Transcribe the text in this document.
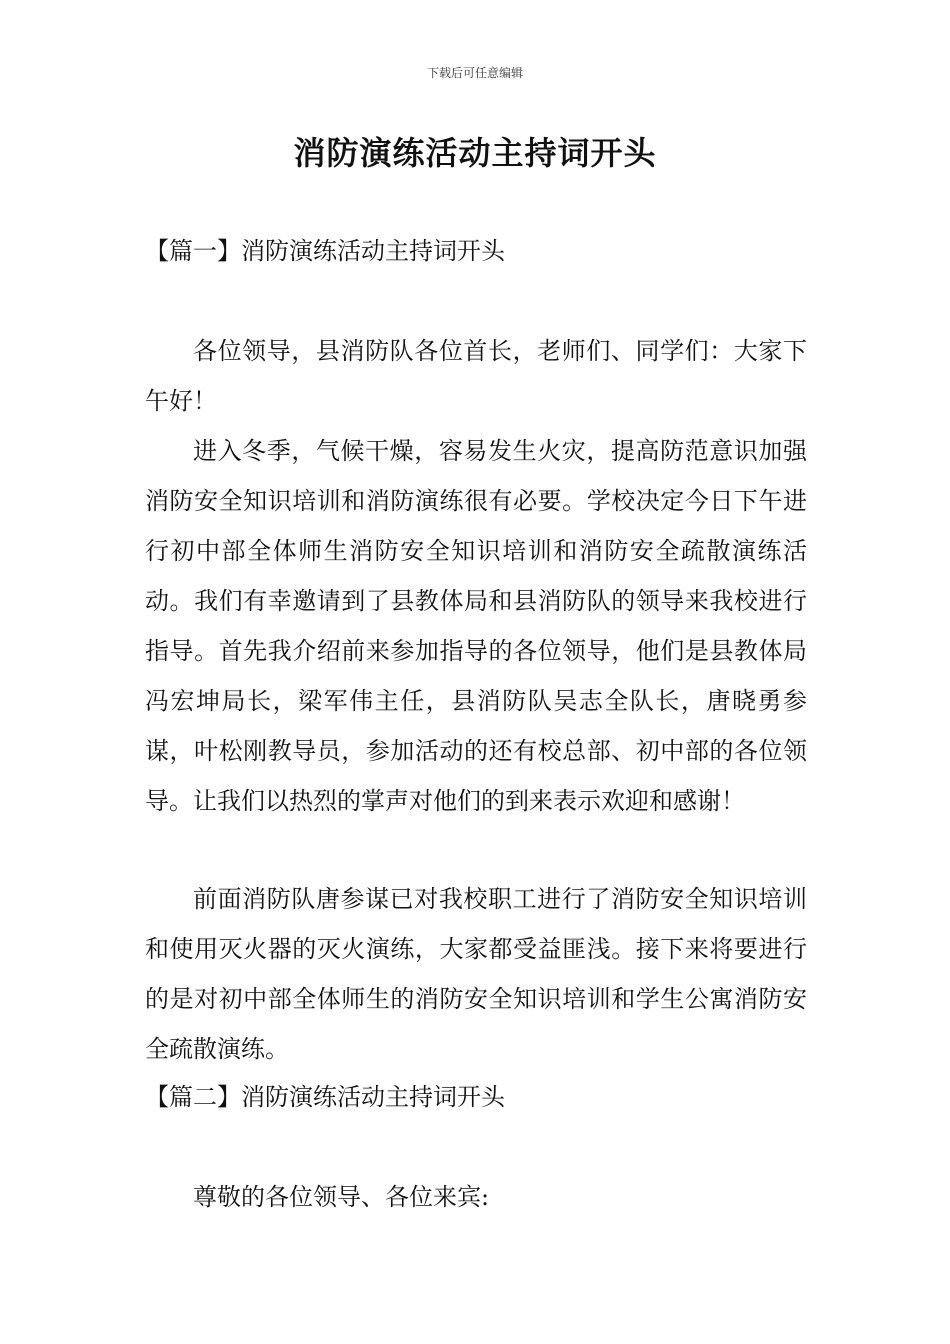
下载后可任意编辑
消防演练活动主持词开头

【篇一】消防演练活动主持词开头

各位领导，县消防队各位首长，老师们、同学们：大家下午好！

进入冬季，气候干燥，容易发生火灾，提高防范意识加强消防安全知识培训和消防演练很有必要。学校决定今日下午进行初中部全体师生消防安全知识培训和消防安全疏散演练活动。我们有幸邀请到了县教体局和县消防队的领导来我校进行指导。首先我介绍前来参加指导的各位领导，他们是县教体局冯宏坤局长，梁军伟主任，县消防队吴志全队长，唐晓勇参谋，叶松刚教导员，参加活动的还有校总部、初中部的各位领导。让我们以热烈的掌声对他们的到来表示欢迎和感谢！

前面消防队唐参谋已对我校职工进行了消防安全知识培训和使用灭火器的灭火演练，大家都受益匪浅。接下来将要进行的是对初中部全体师生的消防安全知识培训和学生公寓消防安全疏散演练。

【篇二】消防演练活动主持词开头

尊敬的各位领导、各位来宾:
